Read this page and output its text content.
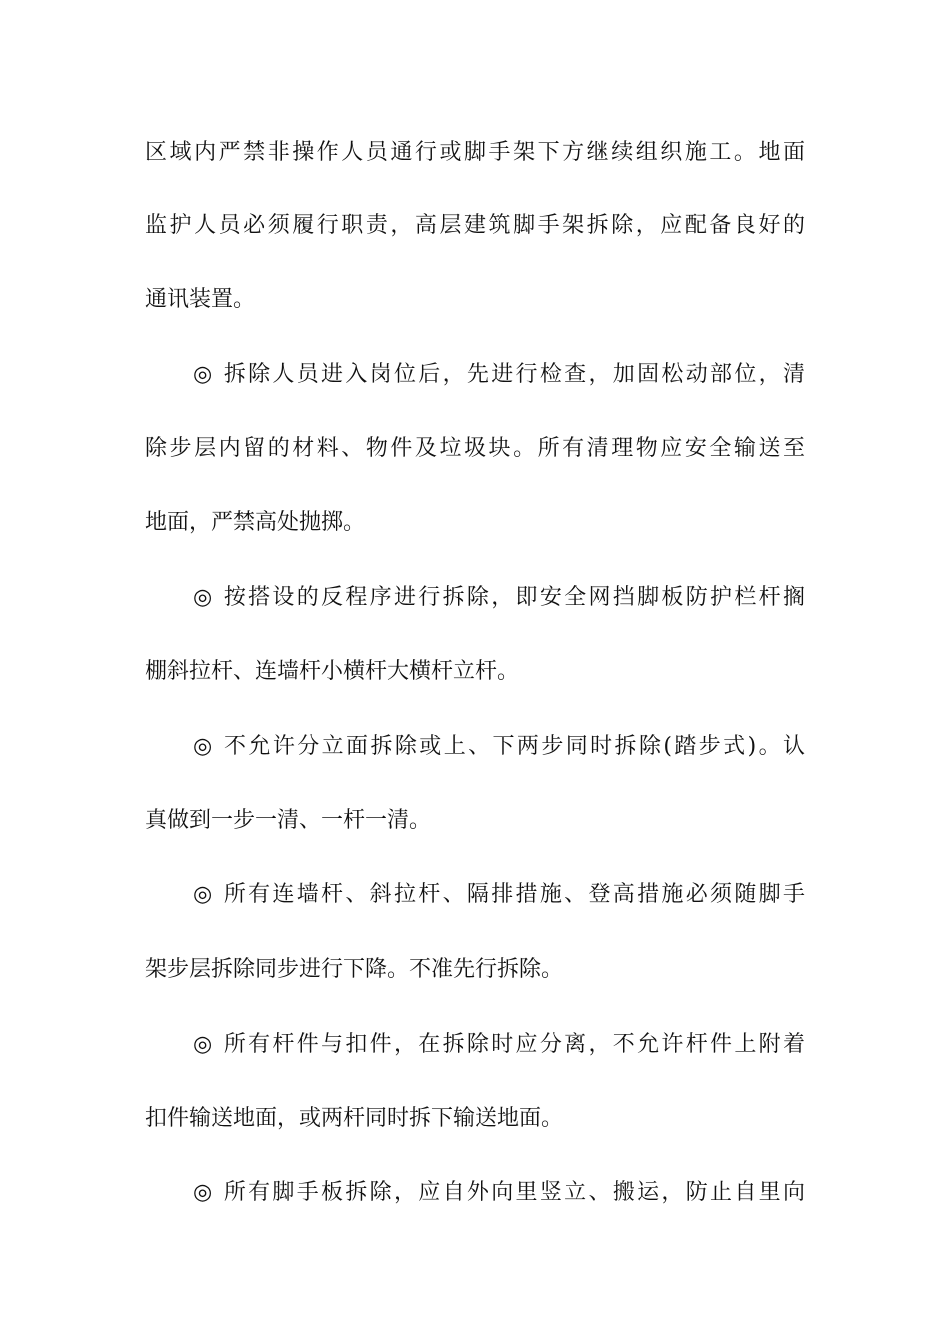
区域内严禁非操作人员通行或脚手架下方继续组织施工。地面
监护人员必须履行职责，高层建筑脚手架拆除，应配备良好的
通讯装置。
◎ 拆除人员进入岗位后，先进行检查，加固松动部位，清
除步层内留的材料、物件及垃圾块。所有清理物应安全输送至
地面，严禁高处抛掷。
◎ 按搭设的反程序进行拆除，即安全网挡脚板防护栏杆搁
棚斜拉杆、连墙杆小横杆大横杆立杆。
◎ 不允许分立面拆除或上、下两步同时拆除(踏步式)。认
真做到一步一清、一杆一清。
◎ 所有连墙杆、斜拉杆、隔排措施、登高措施必须随脚手
架步层拆除同步进行下降。不准先行拆除。
◎ 所有杆件与扣件，在拆除时应分离，不允许杆件上附着
扣件输送地面，或两杆同时拆下输送地面。
◎ 所有脚手板拆除，应自外向里竖立、搬运，防止自里向
